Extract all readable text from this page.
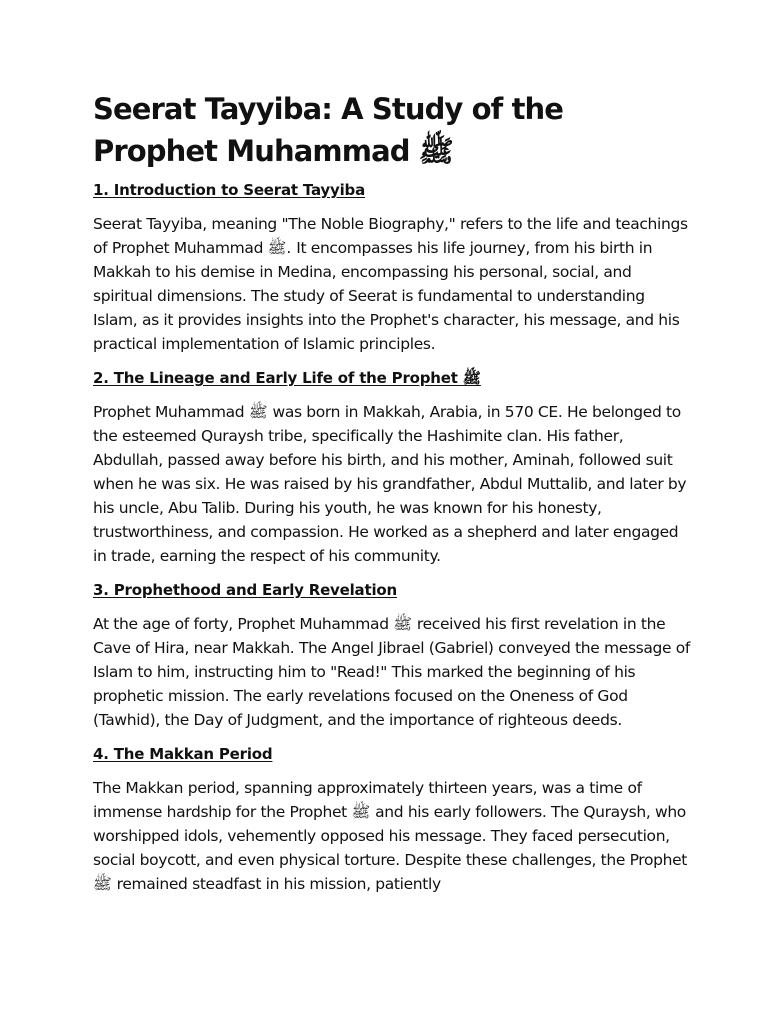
Seerat Tayyiba: A Study of the Prophet Muhammad ﷺ
1. Introduction to Seerat Tayyiba

Seerat Tayyiba, meaning "The Noble Biography," refers to the life and teachings of Prophet Muhammad ﷺ. It encompasses his life journey, from his birth in Makkah to his demise in Medina, encompassing his personal, social, and spiritual dimensions. The study of Seerat is fundamental to understanding Islam, as it provides insights into the Prophet's character, his message, and his practical implementation of Islamic principles.

2. The Lineage and Early Life of the Prophet ﷺ

Prophet Muhammad ﷺ was born in Makkah, Arabia, in 570 CE. He belonged to the esteemed Quraysh tribe, specifically the Hashimite clan. His father, Abdullah, passed away before his birth, and his mother, Aminah, followed suit when he was six. He was raised by his grandfather, Abdul Muttalib, and later by his uncle, Abu Talib. During his youth, he was known for his honesty, trustworthiness, and compassion. He worked as a shepherd and later engaged in trade, earning the respect of his community.

3. Prophethood and Early Revelation

At the age of forty, Prophet Muhammad ﷺ received his first revelation in the Cave of Hira, near Makkah. The Angel Jibrael (Gabriel) conveyed the message of Islam to him, instructing him to "Read!" This marked the beginning of his prophetic mission. The early revelations focused on the Oneness of God (Tawhid), the Day of Judgment, and the importance of righteous deeds.

4. The Makkan Period

The Makkan period, spanning approximately thirteen years, was a time of immense hardship for the Prophet ﷺ and his early followers. The Quraysh, who worshipped idols, vehemently opposed his message. They faced persecution, social boycott, and even physical torture. Despite these challenges, the Prophet ﷺ remained steadfast in his mission, patiently
